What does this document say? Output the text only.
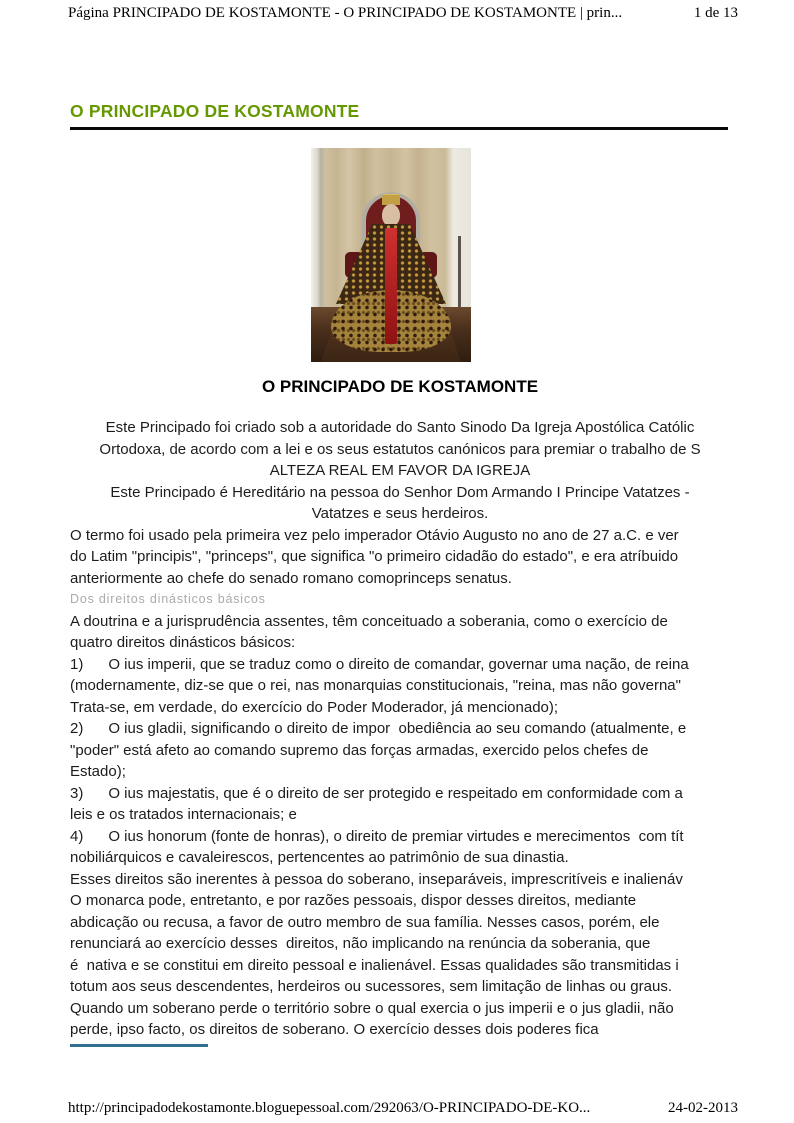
Página PRINCIPADO DE KOSTAMONTE - O PRINCIPADO DE KOSTAMONTE | prin...	1 de 13
O PRINCIPADO DE KOSTAMONTE
O PRINCIPADO DE KOSTAMONTE
Este Principado foi criado sob a autoridade do Santo Sinodo Da Igreja Apostólica Católic
Ortodoxa, de acordo com a lei e os seus estatutos canónicos para premiar o trabalho de S
ALTEZA REAL EM FAVOR DA IGREJA
Este Principado é Hereditário na pessoa do Senhor Dom Armando I Principe Vatatzes -
Vatatzes e seus herdeiros.
O termo foi usado pela primeira vez pelo imperador Otávio Augusto no ano de 27 a.C. e ver
do Latim "principis", "princeps", que significa "o primeiro cidadão do estado", e era atríbuido
anteriormente ao chefe do senado romano comoprinceps senatus.
Dos direitos dinásticos básicos
A doutrina e a jurisprudência assentes, têm conceituado a soberania, como o exercício de
quatro direitos dinásticos básicos:
1)      O ius imperii, que se traduz como o direito de comandar, governar uma nação, de reina
(modernamente, diz-se que o rei, nas monarquias constitucionais, "reina, mas não governa"
Trata-se, em verdade, do exercício do Poder Moderador, já mencionado);
2)      O ius gladii, significando o direito de impor  obediência ao seu comando (atualmente, e
"poder" está afeto ao comando supremo das forças armadas, exercido pelos chefes de
Estado);
3)      O ius majestatis, que é o direito de ser protegido e respeitado em conformidade com a
leis e os tratados internacionais; e
4)      O ius honorum (fonte de honras), o direito de premiar virtudes e merecimentos  com tít
nobiliárquicos e cavaleirescos, pertencentes ao patrimônio de sua dinastia.
Esses direitos são inerentes à pessoa do soberano, inseparáveis, imprescritíveis e inalienáv
O monarca pode, entretanto, e por razões pessoais, dispor desses direitos, mediante
abdicação ou recusa, a favor de outro membro de sua família. Nesses casos, porém, ele
renunciará ao exercício desses  direitos, não implicando na renúncia da soberania, que
é  nativa e se constitui em direito pessoal e inalienável. Essas qualidades são transmitidas i
totum aos seus descendentes, herdeiros ou sucessores, sem limitação de linhas ou graus.
Quando um soberano perde o território sobre o qual exercia o jus imperii e o jus gladii, não
perde, ipso facto, os direitos de soberano. O exercício desses dois poderes fica
http://principadodekostamonte.bloguepessoal.com/292063/O-PRINCIPADO-DE-KO...	24-02-2013
